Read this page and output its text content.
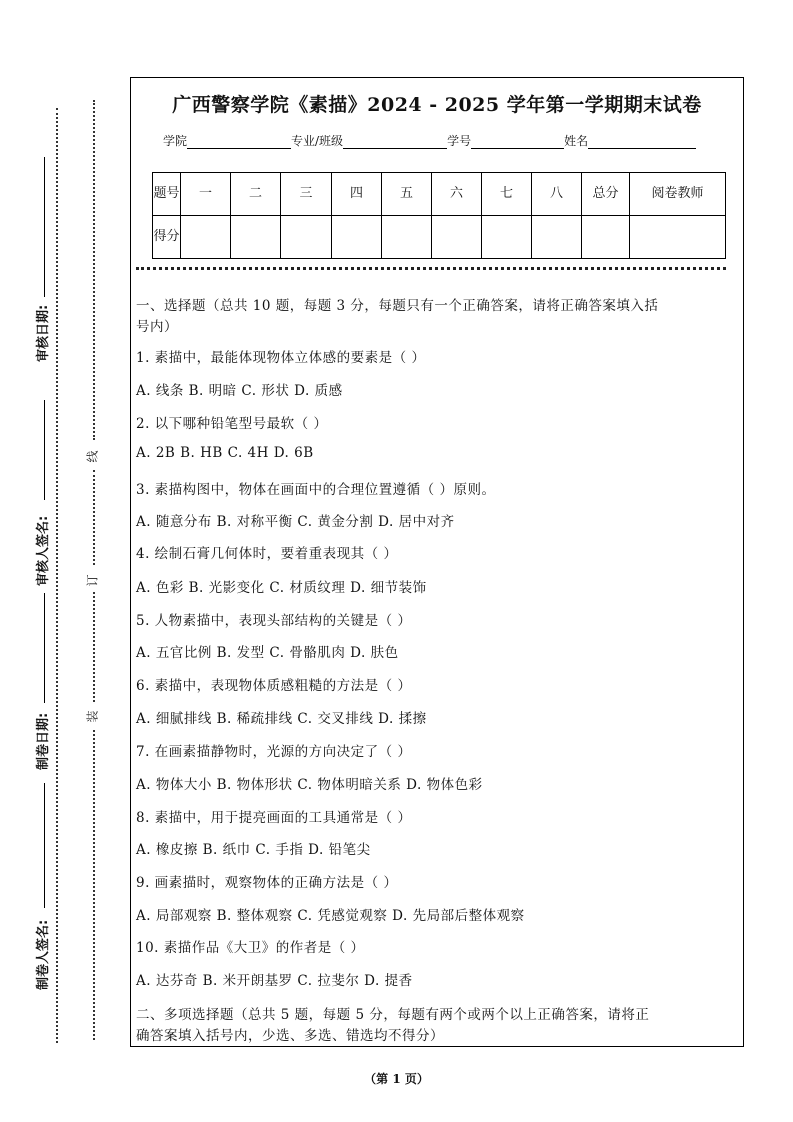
审核日期:
审核人签名:
制卷日期:
制卷人签名:
线
订
装
广西警察学院《素描》2024 - 2025 学年第一学期期末试卷
学院	专业/班级	学号	姓名
题号	一	二	三	四	五	六	七	八	总分	阅卷教师
得分										
一、选择题（总共 10 题，每题 3 分，每题只有一个正确答案，请将正确答案填入括
号内）
1. 素描中，最能体现物体立体感的要素是（ ）
A. 线条 B. 明暗 C. 形状 D. 质感
2. 以下哪种铅笔型号最软（ ）
A. 2B B. HB C. 4H D. 6B
3. 素描构图中，物体在画面中的合理位置遵循（ ）原则。
A. 随意分布 B. 对称平衡 C. 黄金分割 D. 居中对齐
4. 绘制石膏几何体时，要着重表现其（ ）
A. 色彩 B. 光影变化 C. 材质纹理 D. 细节装饰
5. 人物素描中，表现头部结构的关键是（ ）
A. 五官比例 B. 发型 C. 骨骼肌肉 D. 肤色
6. 素描中，表现物体质感粗糙的方法是（ ）
A. 细腻排线 B. 稀疏排线 C. 交叉排线 D. 揉擦
7. 在画素描静物时，光源的方向决定了（ ）
A. 物体大小 B. 物体形状 C. 物体明暗关系 D. 物体色彩
8. 素描中，用于提亮画面的工具通常是（ ）
A. 橡皮擦 B. 纸巾 C. 手指 D. 铅笔尖
9. 画素描时，观察物体的正确方法是（ ）
A. 局部观察 B. 整体观察 C. 凭感觉观察 D. 先局部后整体观察
10. 素描作品《大卫》的作者是（ ）
A. 达芬奇 B. 米开朗基罗 C. 拉斐尔 D. 提香
二、多项选择题（总共 5 题，每题 5 分，每题有两个或两个以上正确答案，请将正
确答案填入括号内，少选、多选、错选均不得分）
（第 1 页）
